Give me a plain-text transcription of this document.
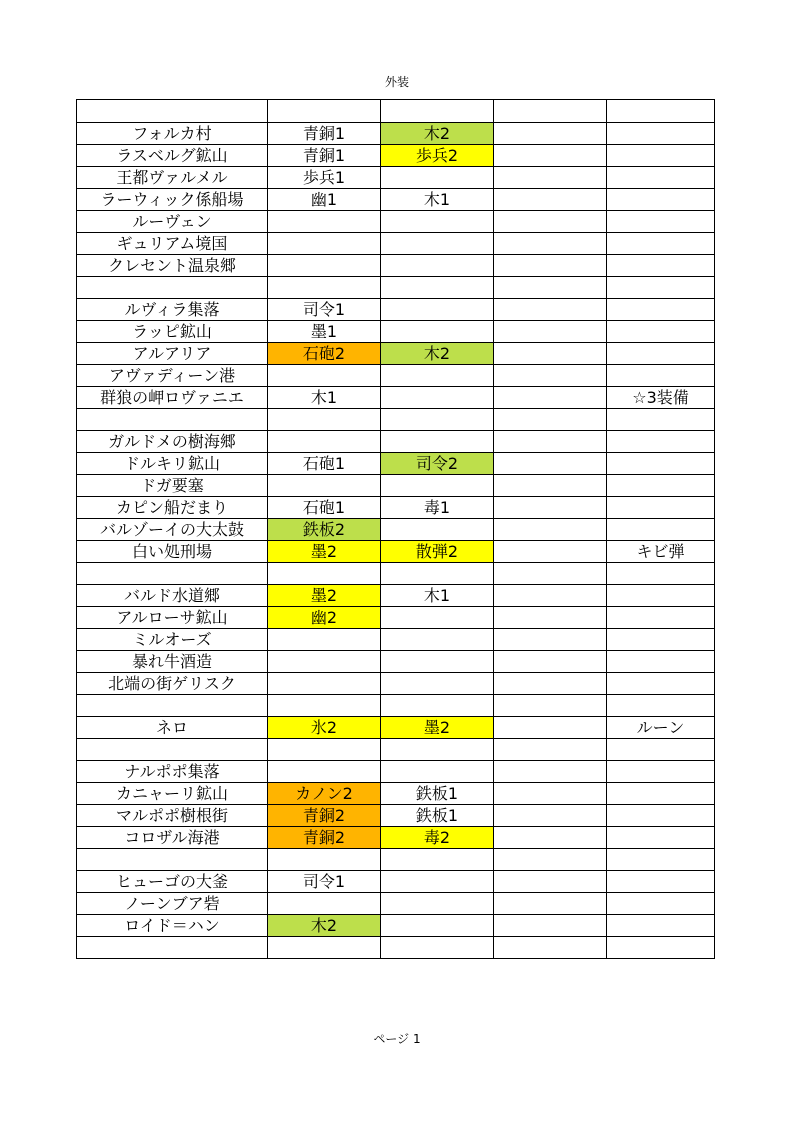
外装

フォルカ村	青銅1	木2		
ラスベルグ鉱山	青銅1	歩兵2		
王都ヴァルメル	歩兵1			
ラーウィック係船場	幽1	木1		
ルーヴェン				
ギュリアム境国				
クレセント温泉郷				

ルヴィラ集落	司令1			
ラッピ鉱山	墨1			
アルアリア	石砲2	木2		
アヴァディーン港				
群狼の岬ロヴァニエ	木1			☆3装備

ガルドメの樹海郷				
ドルキリ鉱山	石砲1	司令2		
ドガ要塞				
カピン船だまり	石砲1	毒1		
バルゾーイの大太鼓	鉄板2			
白い処刑場	墨2	散弾2		キビ弾

バルド水道郷	墨2	木1		
アルローサ鉱山	幽2			
ミルオーズ				
暴れ牛酒造				
北端の街ゲリスク				

ネロ	氷2	墨2		ルーン

ナルポポ集落				
カニャーリ鉱山	カノン2	鉄板1		
マルポポ樹根街	青銅2	鉄板1		
コロザル海港	青銅2	毒2		

ヒューゴの大釜	司令1			
ノーンブア砦				
ロイド＝ハン	木2			

ページ 1
